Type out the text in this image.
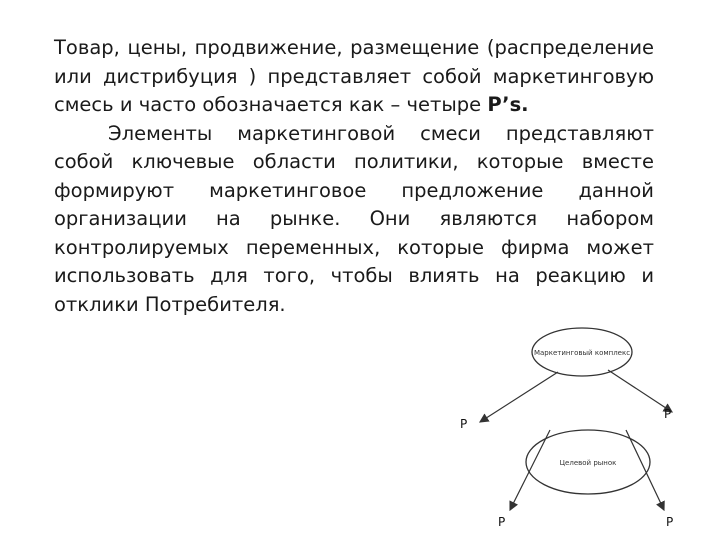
Товар, цены, продвижение, размещение (распределение или дистрибуция ) представляет собой маркетинговую смесь и часто обозначается как – четыре P’s.

Элементы маркетинговой смеси представляют собой ключевые области политики, которые вместе формируют маркетинговое предложение данной организации на рынке. Они являются набором контролируемых переменных, которые фирма может использовать для того, чтобы влиять на реакцию и отклики Потребителя.

Маркетинговый комплекс
Целевой рынок
P
P
P	P
